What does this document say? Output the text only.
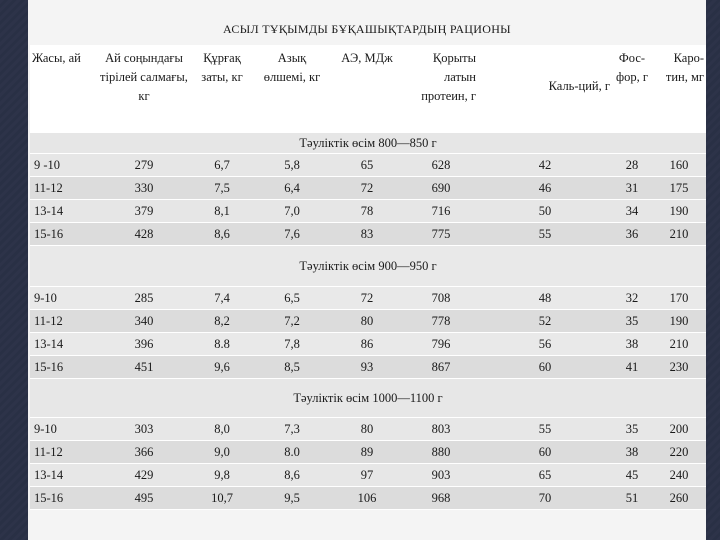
АСЫЛ ТҰҚЫМДЫ БҰҚАШЫҚТАРДЫҢ РАЦИОНЫ
Жасы, ай	Ай соңындағы тірілей салмағы, кг	Құрғақ заты, кг	Азық өлшемі, кг	АЭ, МДж	Қорыты латын протеин, г	Каль-ций, г	Фос-фор, г	Каро-тин, мг
Тәуліктік өсім 800—850 г								
9 -10	279	6,7	5,8	65	628	42	28	160
11-12	330	7,5	6,4	72	690	46	31	175
13-14	379	8,1	7,0	78	716	50	34	190
15-16	428	8,6	7,6	83	775	55	36	210
Тәуліктік өсім 900—950 г								
9-10	285	7,4	6,5	72	708	48	32	170
11-12	340	8,2	7,2	80	778	52	35	190
13-14	396	8.8	7,8	86	796	56	38	210
15-16	451	9,6	8,5	93	867	60	41	230
Тәуліктік өсім 1000—1100 г								
9-10	303	8,0	7,3	80	803	55	35	200
11-12	366	9,0	8.0	89	880	60	38	220
13-14	429	9,8	8,6	97	903	65	45	240
15-16	495	10,7	9,5	106	968	70	51	260
